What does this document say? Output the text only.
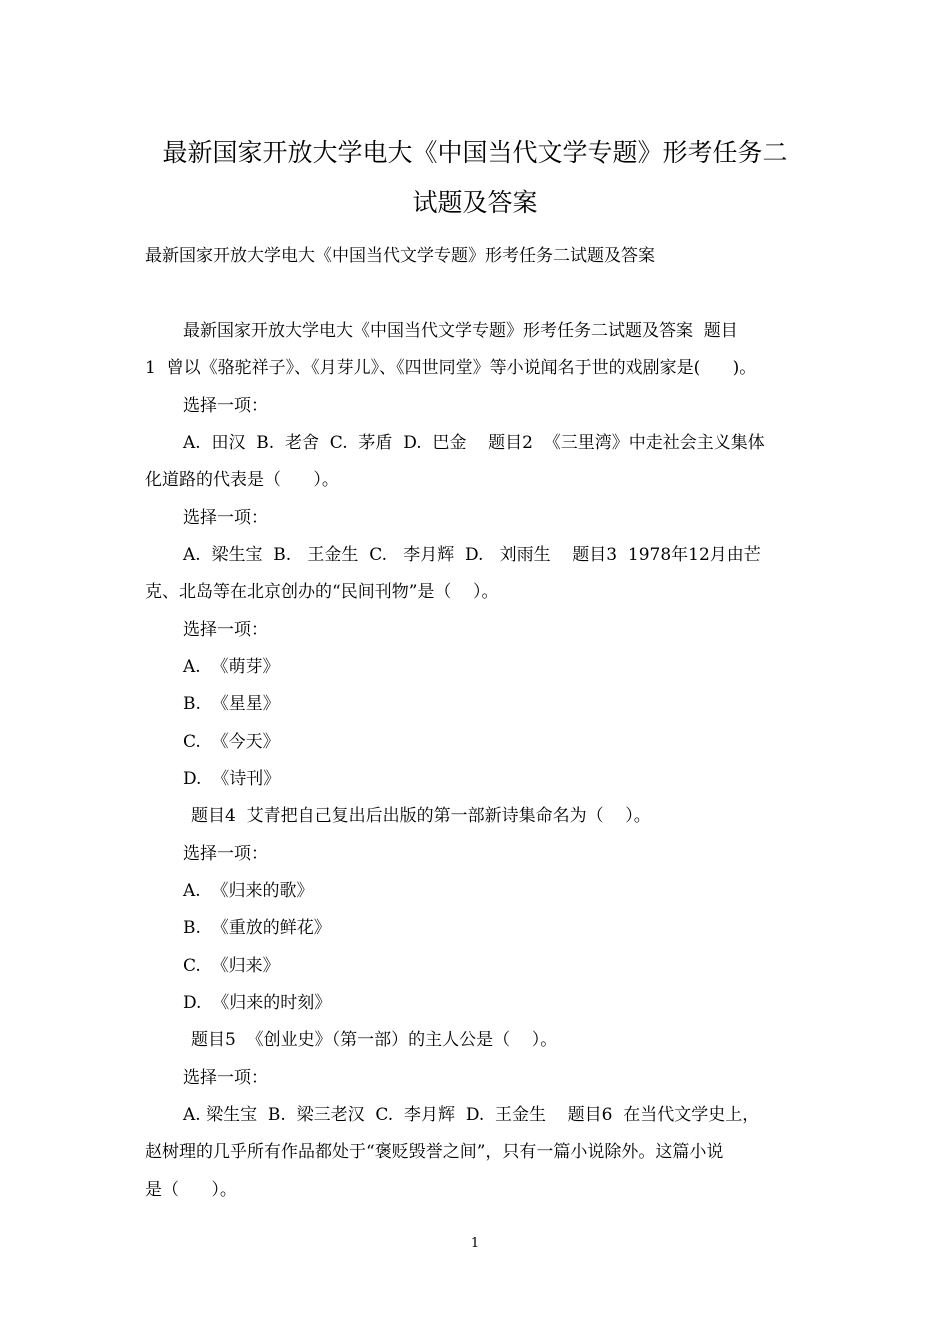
最新国家开放大学电大《中国当代文学专题》形考任务二
试题及答案
最新国家开放大学电大《中国当代文学专题》形考任务二试题及答案
最新国家开放大学电大《中国当代文学专题》形考任务二试题及答案  题目
1  曾以《骆驼祥子》、《月芽儿》、《四世同堂》等小说闻名于世的戏剧家是(      )。
选择一项：
A.  田汉  B.  老舍  C.  茅盾  D.  巴金    题目2  《三里湾》中走社会主义集体
化道路的代表是（      ）。
选择一项：
A.  梁生宝  B.   王金生  C.   李月辉  D.   刘雨生    题目3  1978年12月由芒
克、北岛等在北京创办的“民间刊物”是（    ）。
选择一项：
A.  《萌芽》
B.  《星星》
C.  《今天》
D.  《诗刊》
题目4  艾青把自己复出后出版的第一部新诗集命名为（    ）。
选择一项：
A.  《归来的歌》
B.  《重放的鲜花》
C.  《归来》
D.  《归来的时刻》
题目5  《创业史》（第一部）的主人公是（    ）。
选择一项：
A. 梁生宝  B.  梁三老汉  C.  李月辉  D.  王金生    题目6  在当代文学史上，
赵树理的几乎所有作品都处于“褒贬毁誉之间”，只有一篇小说除外。这篇小说
是（      ）。
1
